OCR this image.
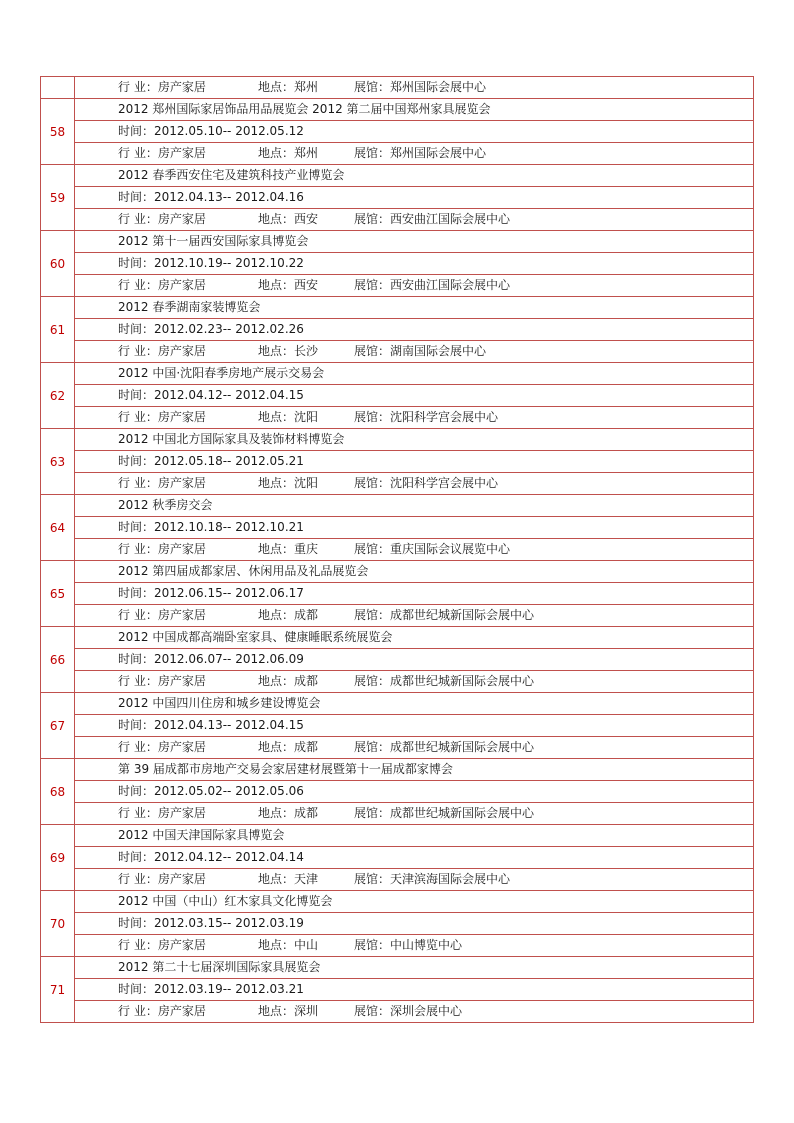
	行 业：房产家居 地点：郑州 展馆：郑州国际会展中心
58	2012 郑州国际家居饰品用品展览会 2012 第二届中国郑州家具展览会
	时间：2012.05.10-- 2012.05.12
	行 业：房产家居 地点：郑州 展馆：郑州国际会展中心
59	2012 春季西安住宅及建筑科技产业博览会
	时间：2012.04.13-- 2012.04.16
	行 业：房产家居 地点：西安 展馆：西安曲江国际会展中心
60	2012 第十一届西安国际家具博览会
	时间：2012.10.19-- 2012.10.22
	行 业：房产家居 地点：西安 展馆：西安曲江国际会展中心
61	2012 春季湖南家装博览会
	时间：2012.02.23-- 2012.02.26
	行 业：房产家居 地点：长沙 展馆：湖南国际会展中心
62	2012 中国·沈阳春季房地产展示交易会
	时间：2012.04.12-- 2012.04.15
	行 业：房产家居 地点：沈阳 展馆：沈阳科学宫会展中心
63	2012 中国北方国际家具及装饰材料博览会
	时间：2012.05.18-- 2012.05.21
	行 业：房产家居 地点：沈阳 展馆：沈阳科学宫会展中心
64	2012 秋季房交会
	时间：2012.10.18-- 2012.10.21
	行 业：房产家居 地点：重庆 展馆：重庆国际会议展览中心
65	2012 第四届成都家居、休闲用品及礼品展览会
	时间：2012.06.15-- 2012.06.17
	行 业：房产家居 地点：成都 展馆：成都世纪城新国际会展中心
66	2012 中国成都高端卧室家具、健康睡眠系统展览会
	时间：2012.06.07-- 2012.06.09
	行 业：房产家居 地点：成都 展馆：成都世纪城新国际会展中心
67	2012 中国四川住房和城乡建设博览会
	时间：2012.04.13-- 2012.04.15
	行 业：房产家居 地点：成都 展馆：成都世纪城新国际会展中心
68	第 39 届成都市房地产交易会家居建材展暨第十一届成都家博会
	时间：2012.05.02-- 2012.05.06
	行 业：房产家居 地点：成都 展馆：成都世纪城新国际会展中心
69	2012 中国天津国际家具博览会
	时间：2012.04.12-- 2012.04.14
	行 业：房产家居 地点：天津 展馆：天津滨海国际会展中心
70	2012 中国（中山）红木家具文化博览会
	时间：2012.03.15-- 2012.03.19
	行 业：房产家居 地点：中山 展馆：中山博览中心
71	2012 第二十七届深圳国际家具展览会
	时间：2012.03.19-- 2012.03.21
	行 业：房产家居 地点：深圳 展馆：深圳会展中心
